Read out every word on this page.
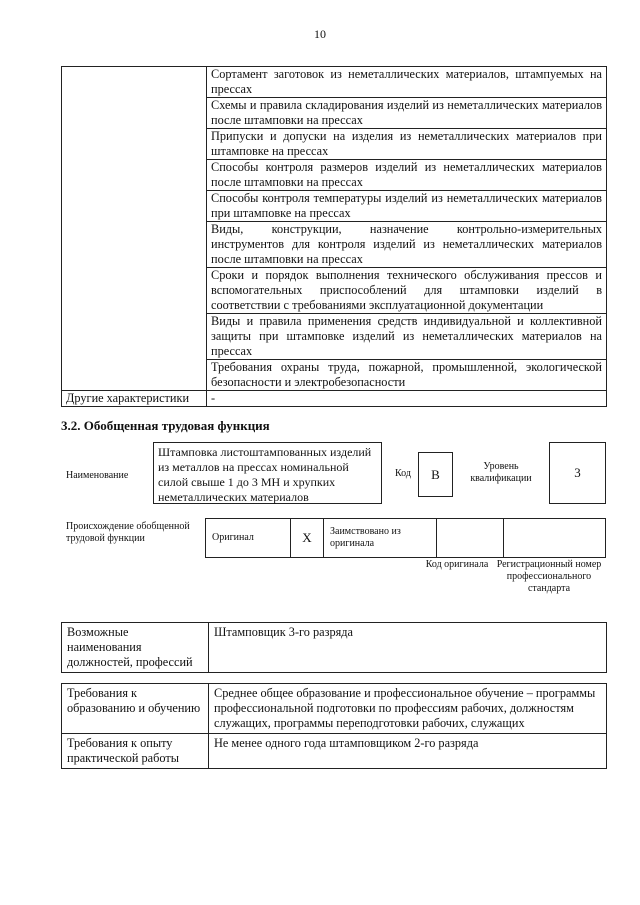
10
	Сортамент заготовок из неметаллических материалов, штампуемых на прессах
	Схемы и правила складирования изделий из неметаллических материалов после штамповки на прессах
	Припуски и допуски на изделия из неметаллических материалов при штамповке на прессах
	Способы контроля размеров изделий из неметаллических материалов после штамповки на прессах
	Способы контроля температуры изделий из неметаллических материалов при штамповке на прессах
	Виды, конструкции, назначение контрольно-измерительных инструментов для контроля изделий из неметаллических материалов после штамповки на прессах
	Сроки и порядок выполнения технического обслуживания прессов и вспомогательных приспособлений для штамповки изделий в соответствии с требованиями эксплуатационной документации
	Виды и правила применения средств индивидуальной и коллективной защиты при штамповке изделий из неметаллических материалов на прессах
	Требования охраны труда, пожарной, промышленной, экологической безопасности и электробезопасности
Другие характеристики	-
3.2. Обобщенная трудовая функция
Наименование
Штамповка листоштампованных изделий из металлов на прессах номинальной силой свыше 1 до 3 МН и хрупких неметаллических материалов
Код	B	Уровень квалификации	3
Происхождение обобщенной трудовой функции	Оригинал	X	Заимствовано из оригинала		
Код оригинала Регистрационный номер профессионального стандарта
Возможные наименования должностей, профессий	Штамповщик 3-го разряда
Требования к образованию и обучению	Среднее общее образование и профессиональное обучение – программы профессиональной подготовки по профессиям рабочих, должностям служащих, программы переподготовки рабочих, служащих
Требования к опыту практической работы	Не менее одного года штамповщиком 2-го разряда
